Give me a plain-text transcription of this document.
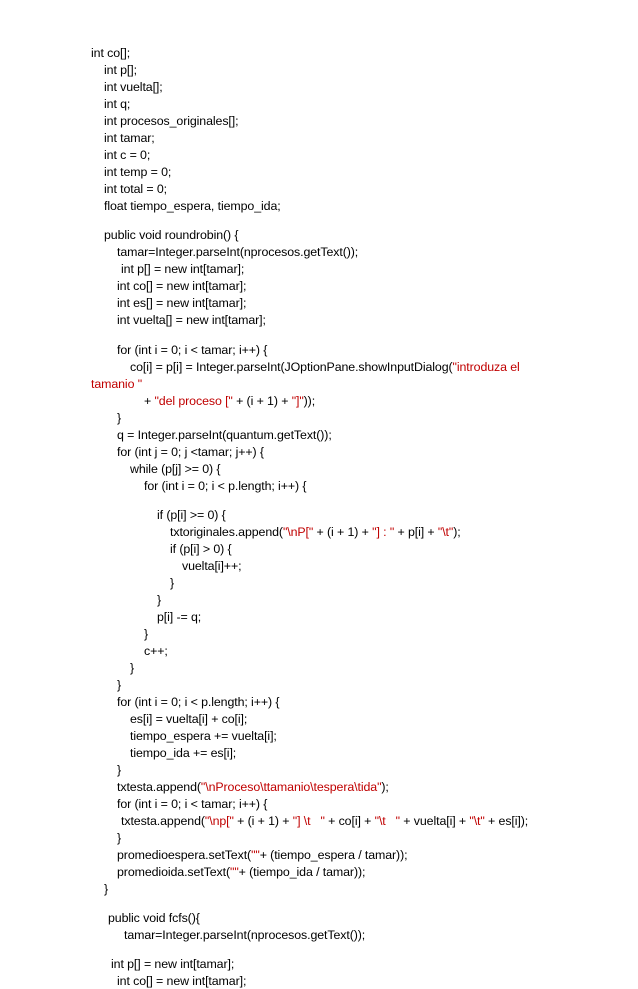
int co[];
int p[];
int vuelta[];
int q;
int procesos_originales[];
int tamar;
int c = 0;
int temp = 0;
int total = 0;
float tiempo_espera, tiempo_ida;
public void roundrobin() {
tamar=Integer.parseInt(nprocesos.getText());
int p[] = new int[tamar];
int co[] = new int[tamar];
int es[] = new int[tamar];
int vuelta[] = new int[tamar];
for (int i = 0; i < tamar; i++) {
co[i] = p[i] = Integer.parseInt(JOptionPane.showInputDialog("introduza el
tamanio "
+ "del proceso [" + (i + 1) + "]"));
}
q = Integer.parseInt(quantum.getText());
for (int j = 0; j <tamar; j++) {
while (p[j] >= 0) {
for (int i = 0; i < p.length; i++) {
if (p[i] >= 0) {
txtoriginales.append("\nP[" + (i + 1) + "] : " + p[i] + "\t");
if (p[i] > 0) {
vuelta[i]++;
}
}
p[i] -= q;
}
c++;
}
}
for (int i = 0; i < p.length; i++) {
es[i] = vuelta[i] + co[i];
tiempo_espera += vuelta[i];
tiempo_ida += es[i];
}
txtesta.append("\nProceso\ttamanio\tespera\tida");
for (int i = 0; i < tamar; i++) {
txtesta.append("\np[" + (i + 1) + "] \t   " + co[i] + "\t   " + vuelta[i] + "\t" + es[i]);
}
promedioespera.setText(""+ (tiempo_espera / tamar));
promedioida.setText(""+ (tiempo_ida / tamar));
}
public void fcfs(){
tamar=Integer.parseInt(nprocesos.getText());
int p[] = new int[tamar];
int co[] = new int[tamar];
